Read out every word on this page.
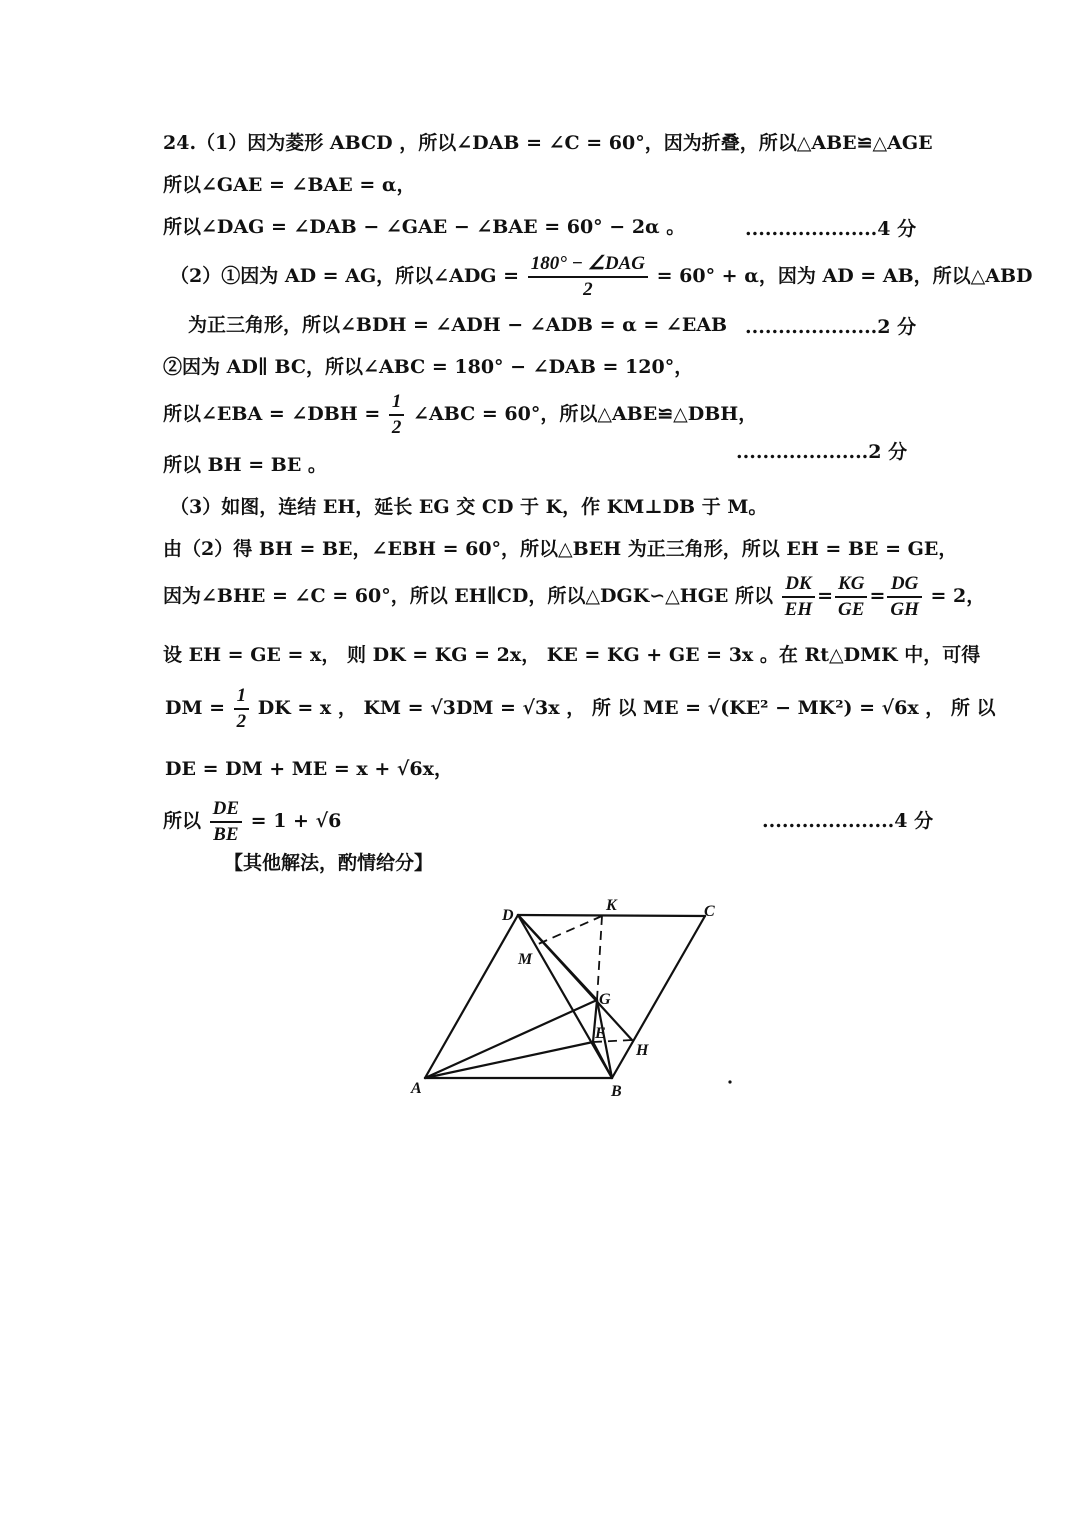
24.（1）因为菱形 ABCD ，所以∠DAB = ∠C = 60°，因为折叠，所以△ABE≌△AGE
所以∠GAE = ∠BAE = α，
所以∠DAG = ∠DAB − ∠GAE − ∠BAE = 60° − 2α 。	....................4 分
（2）①因为 AD = AG，所以∠ADG = $\frac{\text{180° − ∠DAG}}{2} = 60^\circ + \alpha$，因为 AD = AB，所以△ABD
为正三角形，所以∠BDH = ∠ADH − ∠ADB = α = ∠EAB ....................2 分
②因为 AD∥ BC，所以∠ABC = 180° − ∠DAB = 120°，
所以∠EBA = ∠DBH = $\frac{1}{2}$ ∠ABC = 60°，所以△ABE≌△DBH，
....................2 分
所以 BH = BE 。
（3）如图，连结 EH，延长 EG 交 CD 于 K，作 KM⊥DB 于 M。
由（2）得 BH = BE，∠EBH = 60°，所以△BEH 为正三角形，所以 EH = BE = GE，
因为∠BHE = ∠C = 60°，所以 EH∥CD，所以△DGK∽△HGE 所以 $\frac{DK}{EH} = \frac{KG}{GE} = \frac{DG}{GH} = 2$，
设 EH = GE = x， 则 DK = KG = 2x， KE = KG + GE = 3x 。在 Rt△DMK 中，可得
DM = $\frac{1}{2}$ DK = x ， KM = √3DM = √3x ， 所 以 ME = √(KE² − MK²) = √6x ， 所 以
DE = DM + ME = x + √6x，
所以 $\frac{DE}{BE} = 1 + √6$	....................4 分
【其他解法，酌情给分】
D
K	C
M
G
E
H
A	B
